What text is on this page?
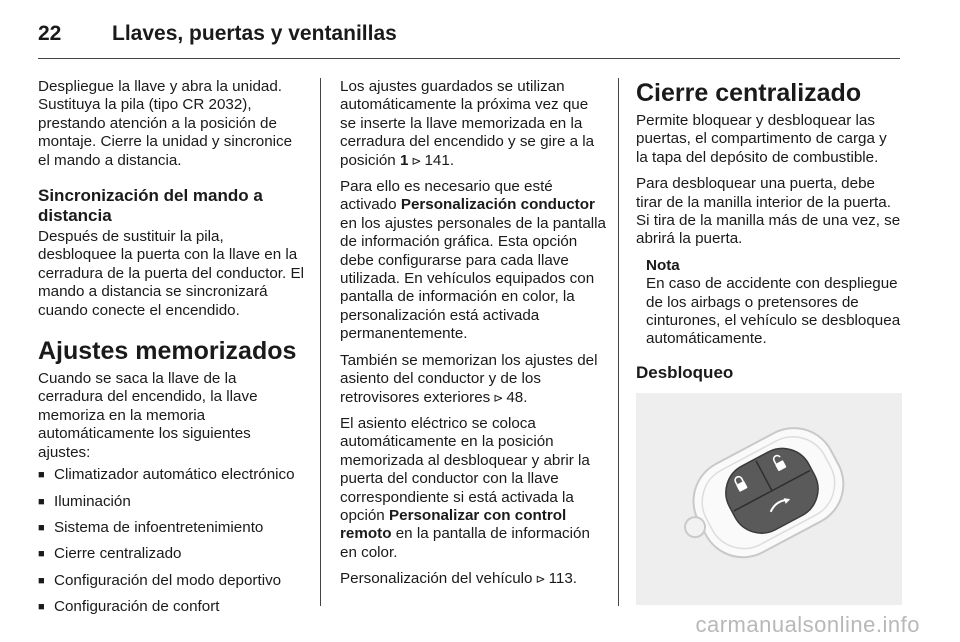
22	Llaves, puertas y ventanillas

Despliegue la llave y abra la unidad. Sustituya la pila (tipo CR 2032), prestando atención a la posición de montaje. Cierre la unidad y sincronice el mando a distancia.

Sincronización del mando a distancia

Después de sustituir la pila, desbloquee la puerta con la llave en la cerradura de la puerta del conductor. El mando a distancia se sincronizará cuando conecte el encendido.

Ajustes memorizados

Cuando se saca la llave de la cerradura del encendido, la llave memoriza en la memoria automáticamente los siguientes ajustes:

■ Climatizador automático electrónico
■ Iluminación
■ Sistema de infoentretenimiento
■ Cierre centralizado
■ Configuración del modo deportivo
■ Configuración de confort

Los ajustes guardados se utilizan automáticamente la próxima vez que se inserte la llave memorizada en la cerradura del encendido y se gire a la posición 1 ⊳ 141.

Para ello es necesario que esté activado Personalización conductor en los ajustes personales de la pantalla de información gráfica. Esta opción debe configurarse para cada llave utilizada. En vehículos equipados con pantalla de información en color, la personalización está activada permanentemente.

También se memorizan los ajustes del asiento del conductor y de los retrovisores exteriores ⊳ 48.

El asiento eléctrico se coloca automáticamente en la posición memorizada al desbloquear y abrir la puerta del conductor con la llave correspondiente si está activada la opción Personalizar con control remoto en la pantalla de información en color.

Personalización del vehículo ⊳ 113.

Cierre centralizado

Permite bloquear y desbloquear las puertas, el compartimento de carga y la tapa del depósito de combustible.

Para desbloquear una puerta, debe tirar de la manilla interior de la puerta. Si tira de la manilla más de una vez, se abrirá la puerta.

Nota
En caso de accidente con despliegue de los airbags o pretensores de cinturones, el vehículo se desbloquea automáticamente.
Desbloqueo
carmanualsonline.info
